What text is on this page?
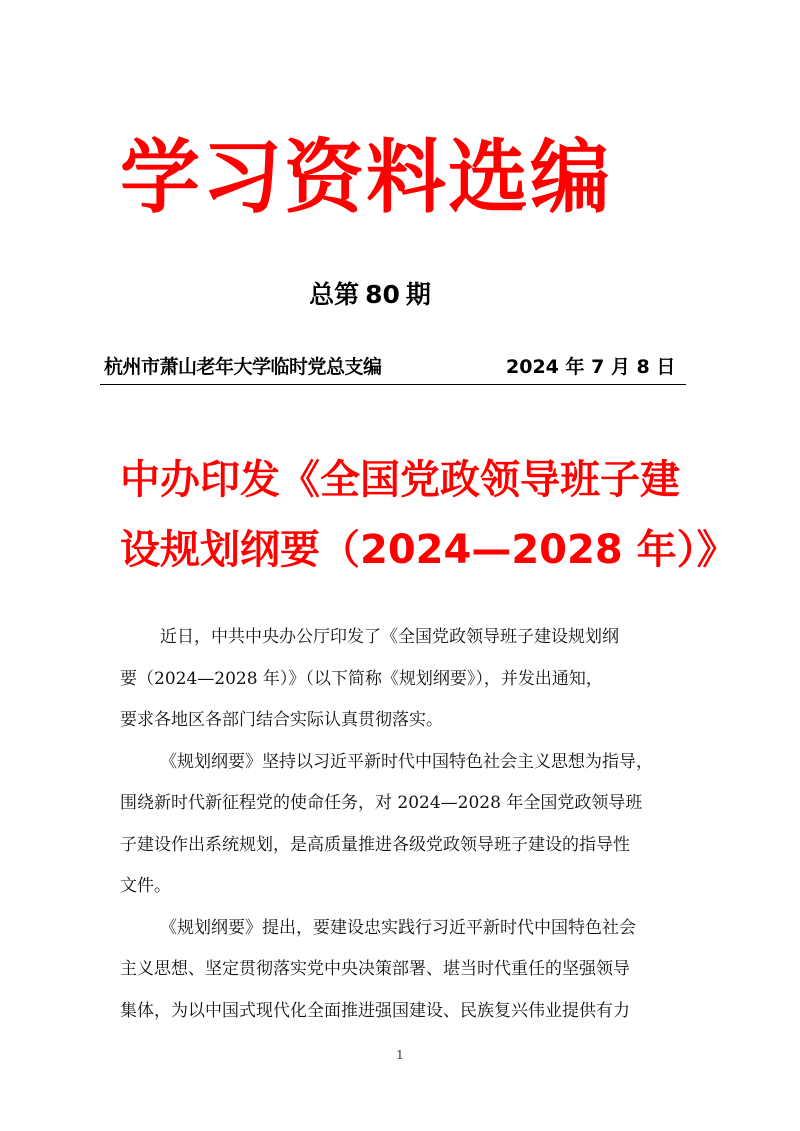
学习资料选编
总第 80 期
杭州市萧山老年大学临时党总支编	2024 年 7 月 8 日
中办印发《全国党政领导班子建
设规划纲要（2024—2028 年）》
近日，中共中央办公厅印发了《全国党政领导班子建设规划纲
要（2024—2028 年）》（以下简称《规划纲要》），并发出通知，
要求各地区各部门结合实际认真贯彻落实。
《规划纲要》坚持以习近平新时代中国特色社会主义思想为指导，
围绕新时代新征程党的使命任务，对 2024—2028 年全国党政领导班
子建设作出系统规划，是高质量推进各级党政领导班子建设的指导性
文件。
《规划纲要》提出，要建设忠实践行习近平新时代中国特色社会
主义思想、坚定贯彻落实党中央决策部署、堪当时代重任的坚强领导
集体，为以中国式现代化全面推进强国建设、民族复兴伟业提供有力
1
